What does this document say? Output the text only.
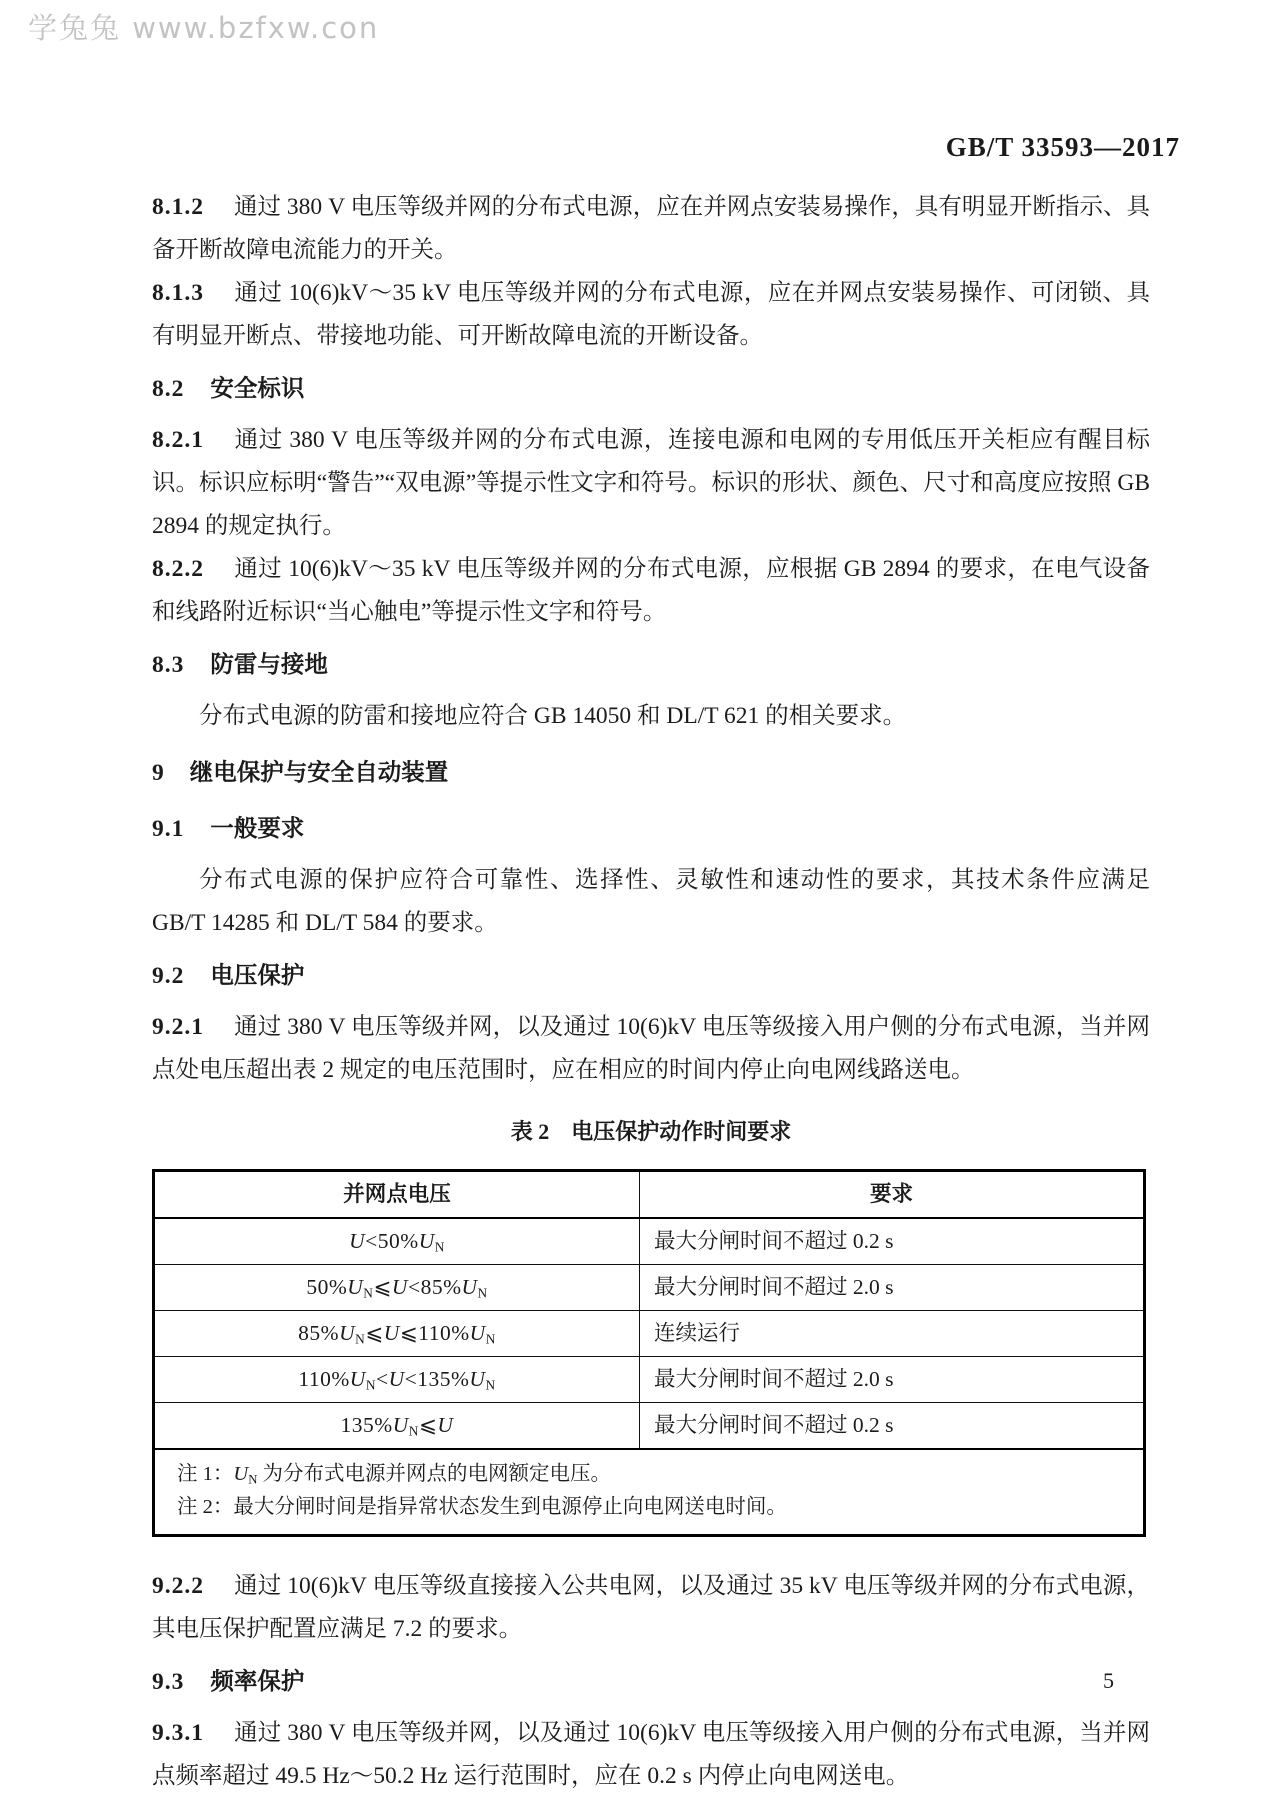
学兔兔 www.bzfxw.con
GB/T 33593—2017
8.1.2 通过 380 V 电压等级并网的分布式电源，应在并网点安装易操作，具有明显开断指示、具备开断故障电流能力的开关。
8.1.3 通过 10(6)kV～35 kV 电压等级并网的分布式电源，应在并网点安装易操作、可闭锁、具有明显开断点、带接地功能、可开断故障电流的开断设备。
8.2 安全标识
8.2.1 通过 380 V 电压等级并网的分布式电源，连接电源和电网的专用低压开关柜应有醒目标识。标识应标明“警告”“双电源”等提示性文字和符号。标识的形状、颜色、尺寸和高度应按照 GB 2894 的规定执行。
8.2.2 通过 10(6)kV～35 kV 电压等级并网的分布式电源，应根据 GB 2894 的要求，在电气设备和线路附近标识“当心触电”等提示性文字和符号。
8.3 防雷与接地
分布式电源的防雷和接地应符合 GB 14050 和 DL/T 621 的相关要求。
9 继电保护与安全自动装置
9.1 一般要求
分布式电源的保护应符合可靠性、选择性、灵敏性和速动性的要求，其技术条件应满足 GB/T 14285 和 DL/T 584 的要求。
9.2 电压保护
9.2.1 通过 380 V 电压等级并网，以及通过 10(6)kV 电压等级接入用户侧的分布式电源，当并网点处电压超出表 2 规定的电压范围时，应在相应的时间内停止向电网线路送电。
表 2　电压保护动作时间要求
并网点电压	要求
$U<50\%U_N$	最大分闸时间不超过 0.2 s
$50\%U_N⩽U<85\%U_N$	最大分闸时间不超过 2.0 s
$85\%U_N⩽U⩽110\%U_N$	连续运行
$110\%U_N<U<135\%U_N$	最大分闸时间不超过 2.0 s
$135\%U_N⩽U$	最大分闸时间不超过 0.2 s

注 1：$U_N$ 为分布式电源并网点的电网额定电压。
注 2：最大分闸时间是指异常状态发生到电源停止向电网送电时间。	
9.2.2 通过 10(6)kV 电压等级直接接入公共电网，以及通过 35 kV 电压等级并网的分布式电源，其电压保护配置应满足 7.2 的要求。
9.3 频率保护
9.3.1 通过 380 V 电压等级并网，以及通过 10(6)kV 电压等级接入用户侧的分布式电源，当并网点频率超过 49.5 Hz～50.2 Hz 运行范围时，应在 0.2 s 内停止向电网送电。
5
